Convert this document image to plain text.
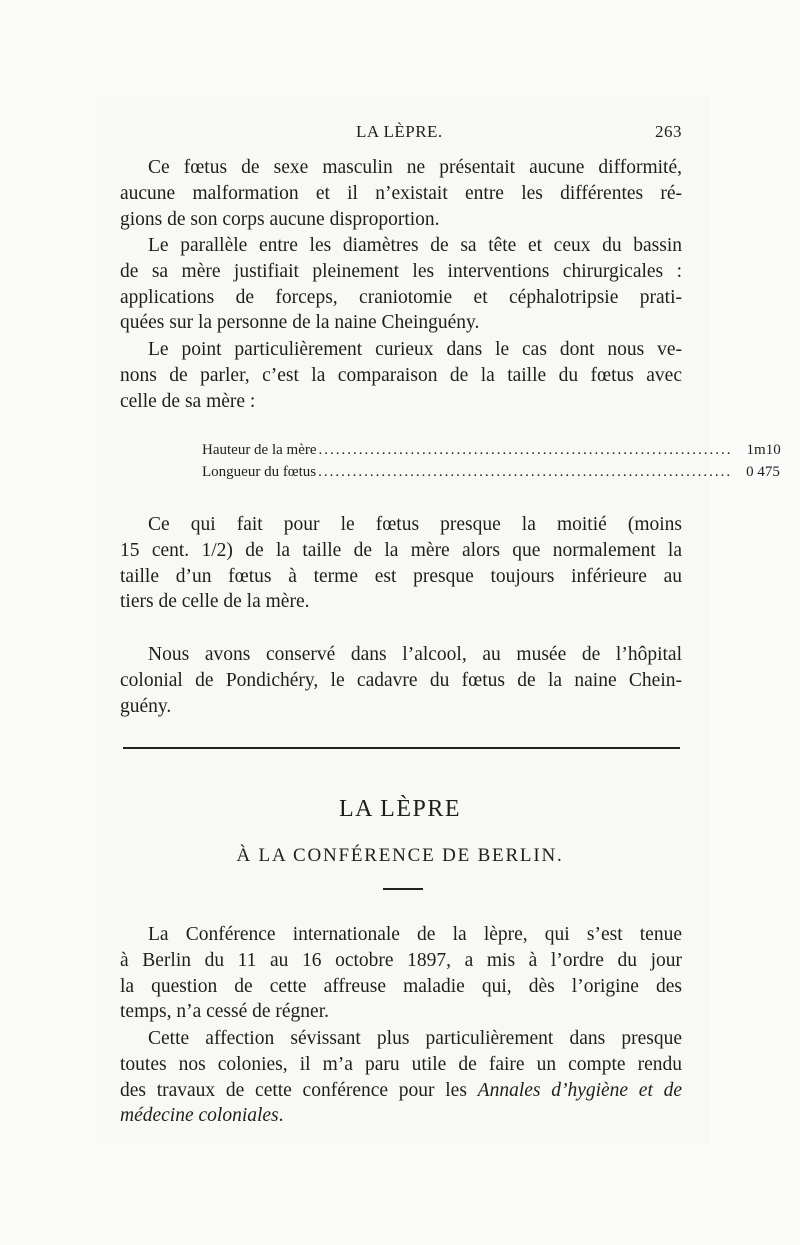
LA LÈPRE.	263

Ce fœtus de sexe masculin ne présentait aucune difformité,
aucune malformation et il n’existait entre les différentes ré-
gions de son corps aucune disproportion.

Le parallèle entre les diamètres de sa tête et ceux du bassin
de sa mère justifiait pleinement les interventions chirurgicales :
applications de forceps, craniotomie et céphalotripsie prati-
quées sur la personne de la naine Cheinguény.

Le point particulièrement curieux dans le cas dont nous ve-
nons de parler, c’est la comparaison de la taille du fœtus avec
celle de sa mère :

Hauteur de la mère ........................................................................ 1m10
Longueur du fœtus ........................................................................ 0 475

Ce qui fait pour le fœtus presque la moitié (moins
15 cent. 1/2) de la taille de la mère alors que normalement la
taille d’un fœtus à terme est presque toujours inférieure au
tiers de celle de la mère.

Nous avons conservé dans l’alcool, au musée de l’hôpital
colonial de Pondichéry, le cadavre du fœtus de la naine Chein-
guény.

LA LÈPRE
À LA CONFÉRENCE DE BERLIN.

La Conférence internationale de la lèpre, qui s’est tenue
à Berlin du 11 au 16 octobre 1897, a mis à l’ordre du jour
la question de cette affreuse maladie qui, dès l’origine des
temps, n’a cessé de régner.

Cette affection sévissant plus particulièrement dans presque
toutes nos colonies, il m’a paru utile de faire un compte rendu
des travaux de cette conférence pour les Annales d’hygiène et de
médecine coloniales.
